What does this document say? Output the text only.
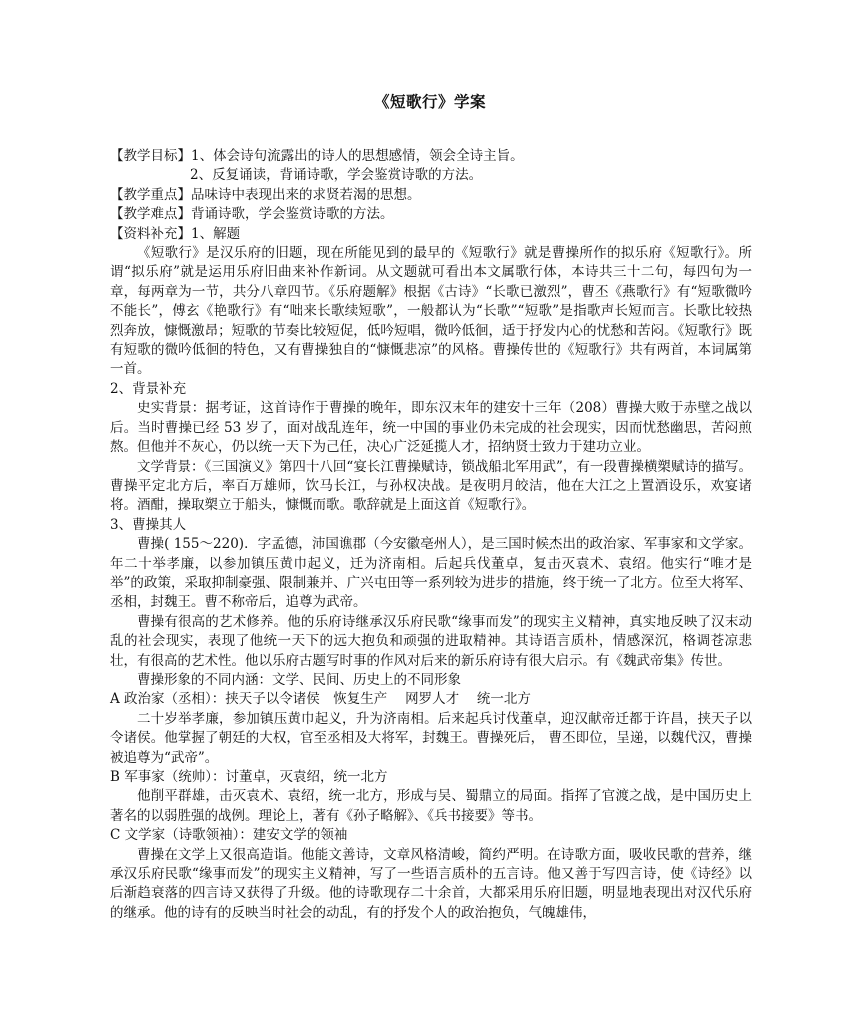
《短歌行》学案

【教学目标】1、体会诗句流露出的诗人的思想感情，领会全诗主旨。

2、反复诵读，背诵诗歌，学会鉴赏诗歌的方法。

【教学重点】品味诗中表现出来的求贤若渴的思想。

【教学难点】背诵诗歌，学会鉴赏诗歌的方法。

【资料补充】1、解题

《短歌行》是汉乐府的旧题，现在所能见到的最早的《短歌行》就是曹操所作的拟乐府《短歌行》。所谓“拟乐府”就是运用乐府旧曲来补作新词。从文题就可看出本文属歌行体，本诗共三十二句，每四句为一章，每两章为一节，共分八章四节。《乐府题解》根据《古诗》“长歌已激烈”，曹丕《燕歌行》有“短歌微吟不能长”，傅玄《艳歌行》有“咄来长歌续短歌”，一般都认为“长歌”“短歌”是指歌声长短而言。长歌比较热烈奔放，慷慨激昂；短歌的节奏比较短促，低吟短唱，微吟低徊，适于抒发内心的忧愁和苦闷。《短歌行》既有短歌的微吟低徊的特色，又有曹操独自的“慷慨悲凉”的风格。曹操传世的《短歌行》共有两首，本词属第一首。

2、背景补充

史实背景：据考证，这首诗作于曹操的晚年，即东汉末年的建安十三年（208）曹操大败于赤壁之战以后。当时曹操已经 53 岁了，面对战乱连年，统一中国的事业仍未完成的社会现实，因而忧愁幽思，苦闷煎熬。但他并不灰心，仍以统一天下为己任，决心广泛延揽人才，招纳贤士致力于建功立业。

文学背景：《三国演义》第四十八回“宴长江曹操赋诗，锁战船北军用武”，有一段曹操横槊赋诗的描写。曹操平定北方后，率百万雄师，饮马长江，与孙权决战。是夜明月皎洁，他在大江之上置酒设乐，欢宴诸将。酒酣，操取槊立于船头，慷慨而歌。歌辞就是上面这首《短歌行》。

3、曹操其人

曹操( 155～220)．字孟德，沛国谯郡（今安徽亳州人），是三国时候杰出的政治家、军事家和文学家。年二十举孝廉，以参加镇压黄巾起义，迁为济南相。后起兵伐董卓，复击灭袁术、袁绍。他实行“唯才是举”的政策，采取抑制豪强、限制兼并、广兴屯田等一系列较为进步的措施，终于统一了北方。位至大将军、丞相，封魏王。曹不称帝后，追尊为武帝。

曹操有很高的艺术修养。他的乐府诗继承汉乐府民歌“缘事而发”的现实主义精神，真实地反映了汉末动乱的社会现实，表现了他统一天下的远大抱负和顽强的进取精神。其诗语言质朴，情感深沉，格调苍凉悲壮，有很高的艺术性。他以乐府古题写时事的作风对后来的新乐府诗有很大启示。有《魏武帝集》传世。

曹操形象的不同内涵：文学、民间、历史上的不同形象

A 政治家（丞相）：挟天子以令诸侯　恢复生产　 网罗人才　 统一北方

二十岁举孝廉，参加镇压黄巾起义，升为济南相。后来起兵讨伐董卓，迎汉献帝迁都于许昌，挟天子以令诸侯。他掌握了朝廷的大权，官至丞相及大将军，封魏王。曹操死后， 曹丕即位，呈递，以魏代汉，曹操被追尊为“武帝”。

B 军事家（统帅）：讨董卓，灭袁绍，统一北方

他削平群雄，击灭袁术、袁绍，统一北方，形成与吴、蜀鼎立的局面。指挥了官渡之战，是中国历史上著名的以弱胜强的战例。理论上，著有《孙子略解》、《兵书接要》等书。

C 文学家（诗歌领袖）：建安文学的领袖

曹操在文学上又很高造诣。他能文善诗，文章风格清峻，简约严明。在诗歌方面，吸收民歌的营养，继承汉乐府民歌“缘事而发”的现实主义精神，写了一些语言质朴的五言诗。他又善于写四言诗，使《诗经》以后渐趋衰落的四言诗又获得了升级。他的诗歌现存二十余首，大都采用乐府旧题，明显地表现出对汉代乐府的继承。他的诗有的反映当时社会的动乱，有的抒发个人的政治抱负，气魄雄伟，
